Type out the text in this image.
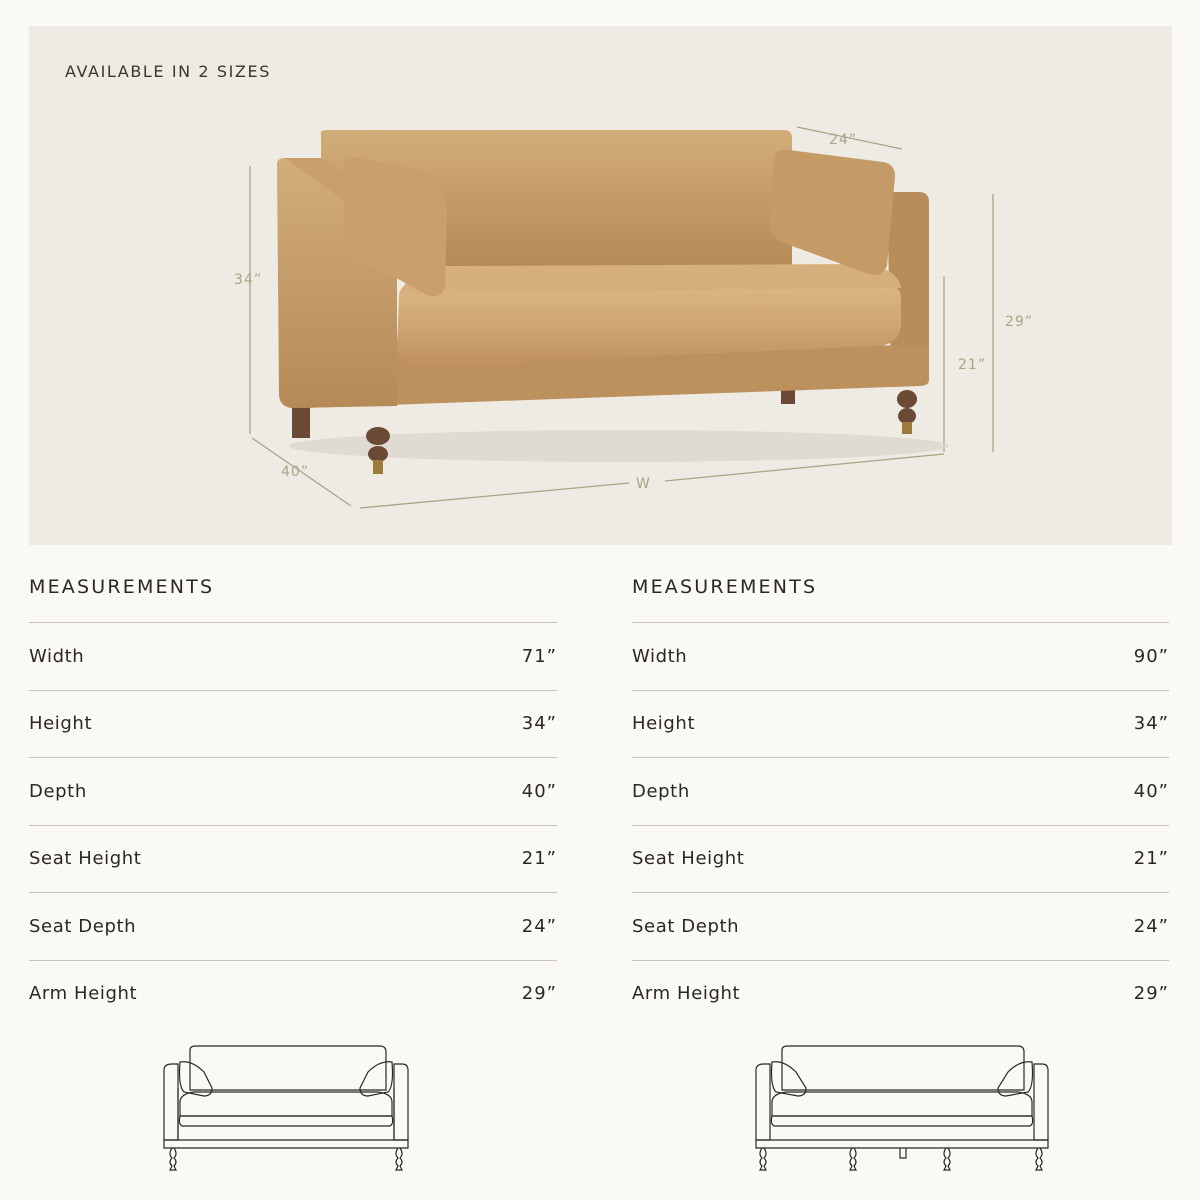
AVAILABLE IN 2 SIZES
34”
40”
W
24”
29”
21”
MEASUREMENTS
Width	71”
Height	34”
Depth	40”
Seat Height	21”
Seat Depth	24”
Arm Height	29”
MEASUREMENTS
Width	90”
Height	34”
Depth	40”
Seat Height	21”
Seat Depth	24”
Arm Height	29”
